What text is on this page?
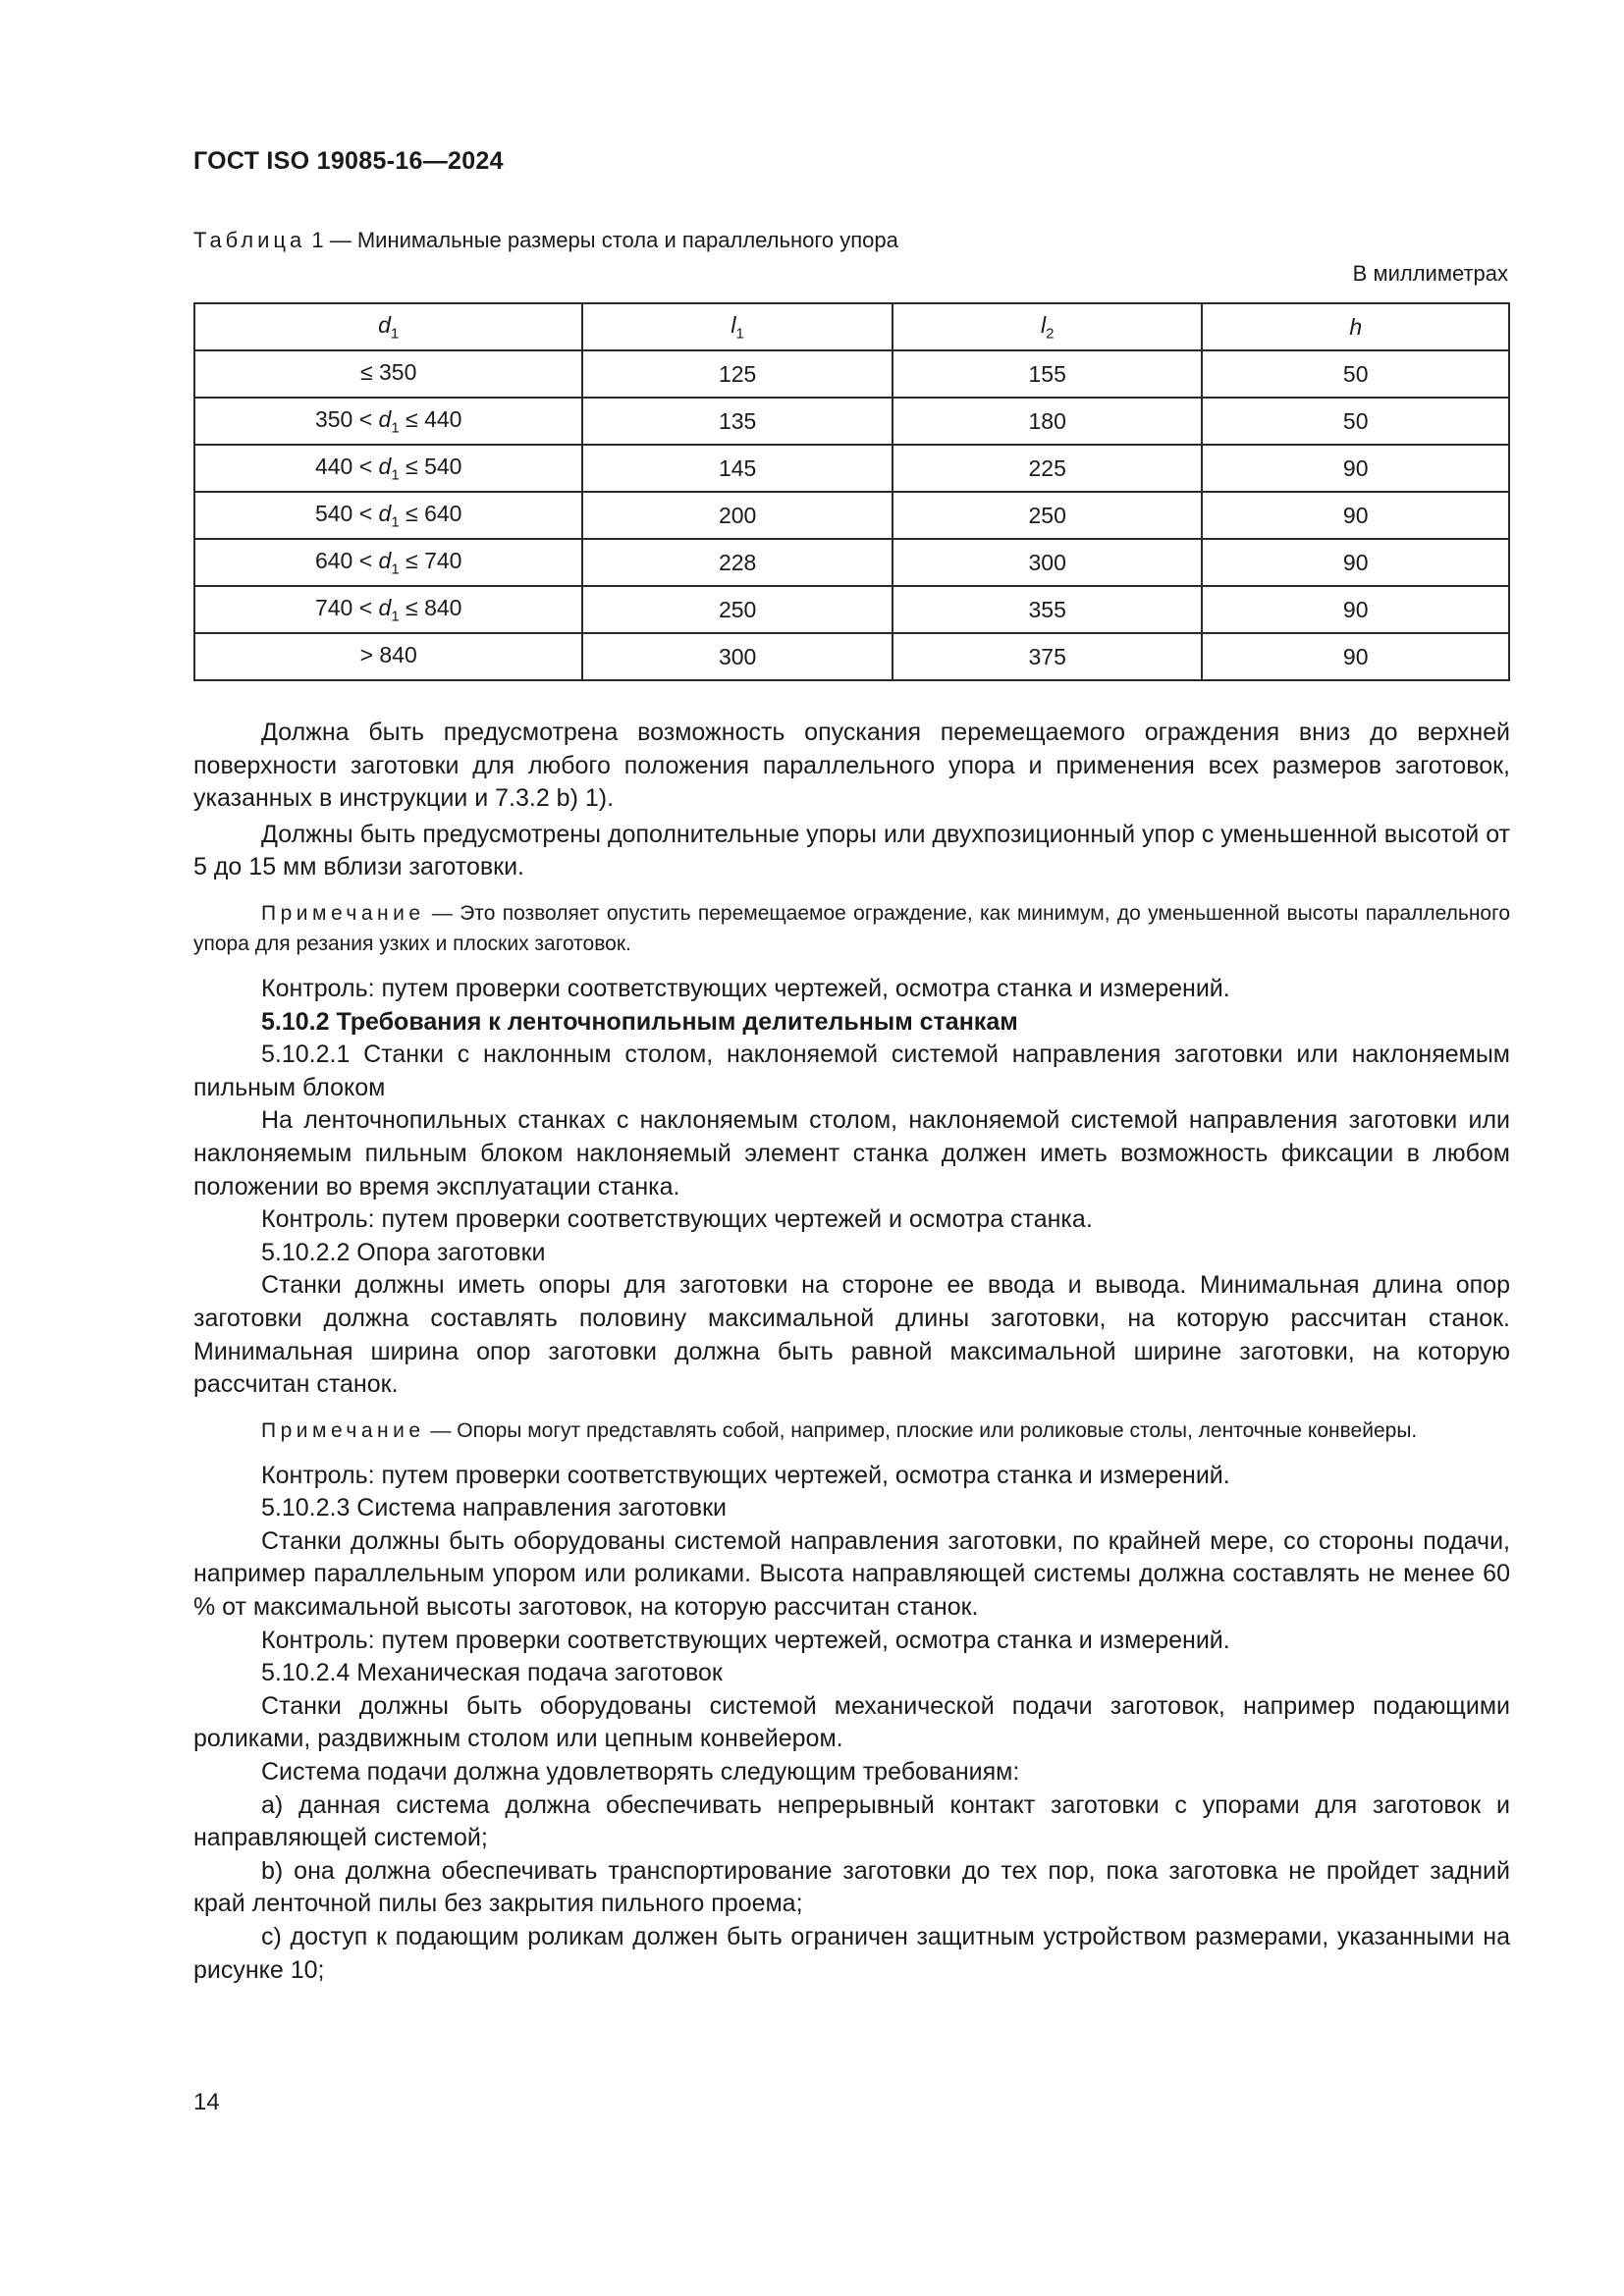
ГОСТ ISO 19085-16—2024
Таблица 1 — Минимальные размеры стола и параллельного упора
В миллиметрах
$d_1$	$l_1$	$l_2$	h
≤ 350	125	155	50
$350 < d_1 \le 440$	135	180	50
$440 < d_1 \le 540$	145	225	90
$540 < d_1 \le 640$	200	250	90
$640 < d_1 \le 740$	228	300	90
$740 < d_1 \le 840$	250	355	90
> 840	300	375	90

Должна быть предусмотрена возможность опускания перемещаемого ограждения вниз до верхней поверхности заготовки для любого положения параллельного упора и применения всех размеров заготовок, указанных в инструкции и 7.3.2 b) 1).

Должны быть предусмотрены дополнительные упоры или двухпозиционный упор с уменьшенной высотой от 5 до 15 мм вблизи заготовки.

Примечание — Это позволяет опустить перемещаемое ограждение, как минимум, до уменьшенной высоты параллельного упора для резания узких и плоских заготовок.

Контроль: путем проверки соответствующих чертежей, осмотра станка и измерений.

5.10.2 Требования к ленточнопильным делительным станкам

5.10.2.1 Станки с наклонным столом, наклоняемой системой направления заготовки или наклоняемым пильным блоком

На ленточнопильных станках с наклоняемым столом, наклоняемой системой направления заготовки или наклоняемым пильным блоком наклоняемый элемент станка должен иметь возможность фиксации в любом положении во время эксплуатации станка.

Контроль: путем проверки соответствующих чертежей и осмотра станка.

5.10.2.2 Опора заготовки

Станки должны иметь опоры для заготовки на стороне ее ввода и вывода. Минимальная длина опор заготовки должна составлять половину максимальной длины заготовки, на которую рассчитан станок. Минимальная ширина опор заготовки должна быть равной максимальной ширине заготовки, на которую рассчитан станок.

Примечание — Опоры могут представлять собой, например, плоские или роликовые столы, ленточные конвейеры.

Контроль: путем проверки соответствующих чертежей, осмотра станка и измерений.

5.10.2.3 Система направления заготовки

Станки должны быть оборудованы системой направления заготовки, по крайней мере, со стороны подачи, например параллельным упором или роликами. Высота направляющей системы должна составлять не менее 60 % от максимальной высоты заготовок, на которую рассчитан станок.

Контроль: путем проверки соответствующих чертежей, осмотра станка и измерений.

5.10.2.4 Механическая подача заготовок

Станки должны быть оборудованы системой механической подачи заготовок, например подающими роликами, раздвижным столом или цепным конвейером.

Система подачи должна удовлетворять следующим требованиям:

a) данная система должна обеспечивать непрерывный контакт заготовки с упорами для заготовок и направляющей системой;

b) она должна обеспечивать транспортирование заготовки до тех пор, пока заготовка не пройдет задний край ленточной пилы без закрытия пильного проема;

c) доступ к подающим роликам должен быть ограничен защитным устройством размерами, указанными на рисунке 10;

14
